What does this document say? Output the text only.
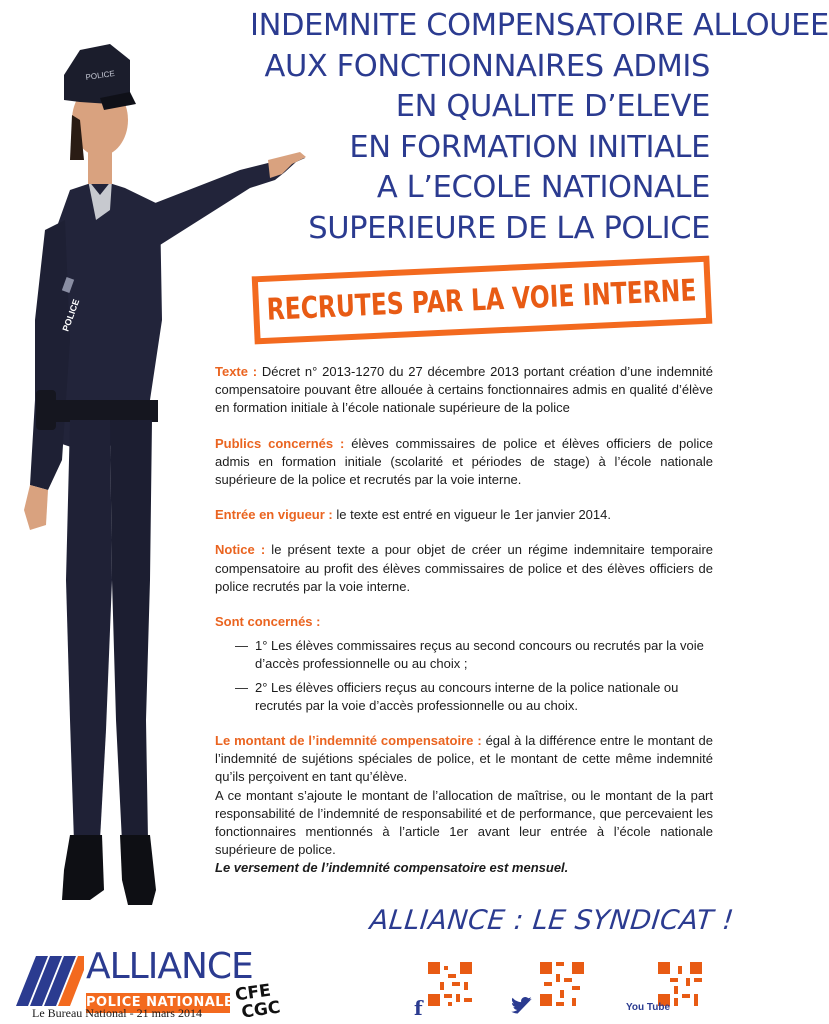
INDEMNITE COMPENSATOIRE ALLOUEE
AUX FONCTIONNAIRES ADMIS
EN QUALITE D’ELEVE
EN FORMATION INITIALE
A L’ECOLE NATIONALE
SUPERIEURE DE LA POLICE
RECRUTES PAR LA VOIE INTERNE
POLICE
POLICE

Texte : Décret n° 2013-1270 du 27 décembre 2013 portant création d’une indemnité compensatoire pouvant être allouée à certains fonctionnaires admis en qualité d’élève en formation initiale à l’école nationale supérieure de la police

Publics concernés : élèves commissaires de police et élèves officiers de police admis en formation initiale (scolarité et périodes de stage) à l’école nationale supérieure de la police et recrutés par la voie interne.

Entrée en vigueur : le texte est entré en vigueur le 1er janvier 2014.

Notice : le présent texte a pour objet de créer un régime indemnitaire temporaire compensatoire au profit des élèves commissaires de police et des élèves officiers de police recrutés par la voie interne.

Sont concernés :

— 1° Les élèves commissaires reçus au second concours ou recrutés par la voie d’accès professionnelle ou au choix ;

— 2° Les élèves officiers reçus au concours interne de la police nationale ou recrutés par la voie d’accès professionnelle ou au choix.

Le montant de l’indemnité compensatoire : égal à la différence entre le montant de l’indemnité de sujétions spéciales de police, et le montant de cette même indemnité qu’ils perçoivent en tant qu’élève.

A ce montant s’ajoute le montant de l’allocation de maîtrise, ou le montant de la part responsabilité de l’indemnité de responsabilité et de performance, que percevaient les fonctionnaires mentionnés à l’article 1er avant leur entrée à l’école nationale supérieure de police.

Le versement de l’indemnité compensatoire est mensuel.

ALLIANCE : LE SYNDICAT !
ALLIANCE
POLICE NATIONALE CFE
CGC
Le Bureau National - 21 mars 2014	f	You Tube
